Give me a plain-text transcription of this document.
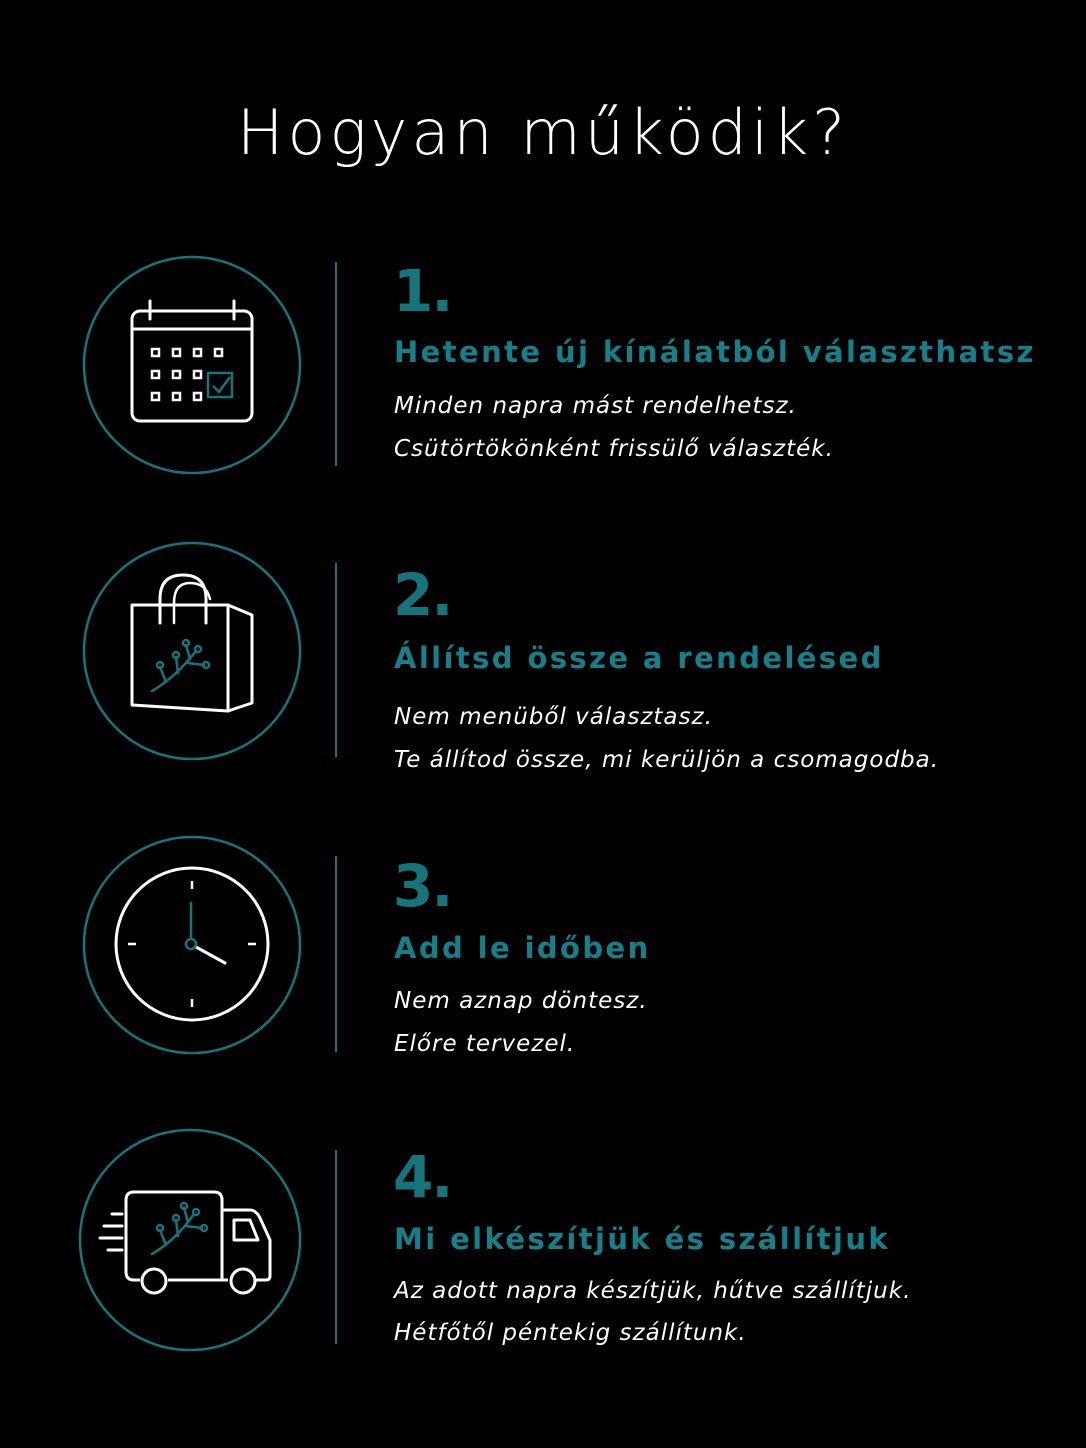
Hogyan működik?
1.
Hetente új kínálatból választhatsz
Minden napra mást rendelhetsz.
Csütörtökönként frissülő választék.
2.
Állítsd össze a rendelésed
Nem menüből választasz.
Te állítod össze, mi kerüljön a csomagodba.
3.
Add le időben
Nem aznap döntesz.
Előre tervezel.
4.
Mi elkészítjük és szállítjuk
Az adott napra készítjük, hűtve szállítjuk.
Hétfőtől péntekig szállítunk.
